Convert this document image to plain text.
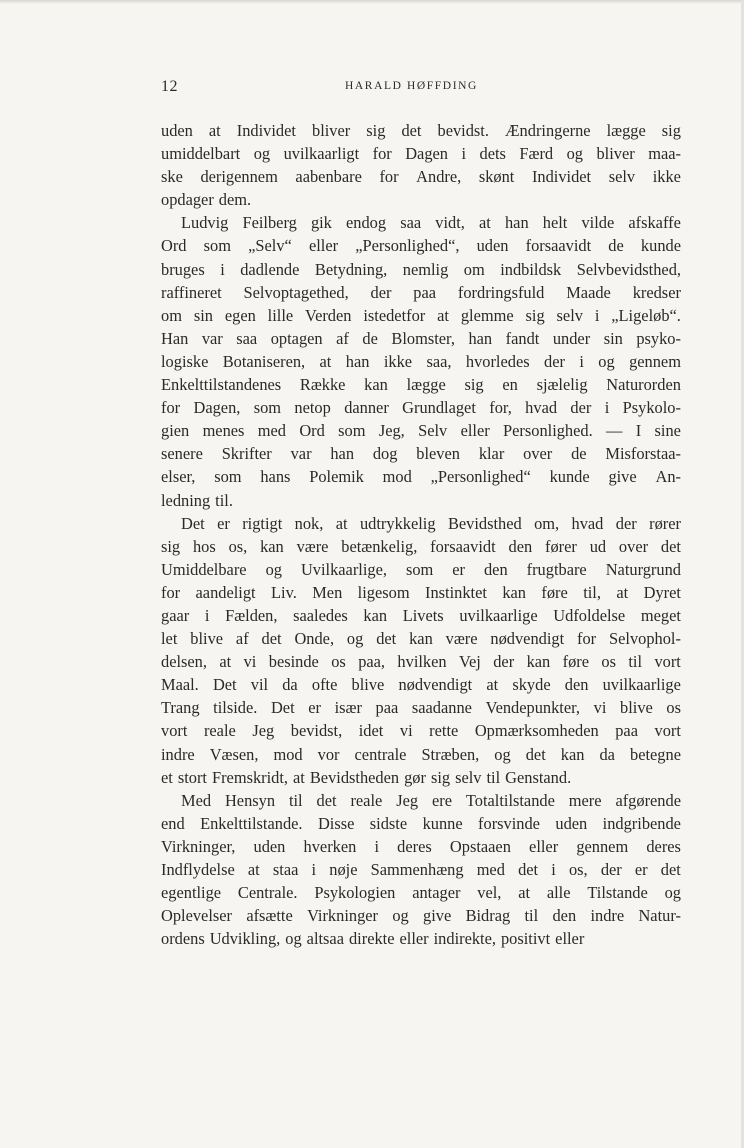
12	HARALD HØFFDING
uden at Individet bliver sig det bevidst. Ændringerne lægge sig
umiddelbart og uvilkaarligt for Dagen i dets Færd og bliver maa-
ske derigennem aabenbare for Andre, skønt Individet selv ikke
opdager dem.
Ludvig Feilberg gik endog saa vidt, at han helt vilde afskaffe
Ord som „Selv“ eller „Personlighed“, uden forsaavidt de kunde
bruges i dadlende Betydning, nemlig om indbildsk Selvbevidsthed,
raffineret Selvoptagethed, der paa fordringsfuld Maade kredser
om sin egen lille Verden istedetfor at glemme sig selv i „Ligeløb“.
Han var saa optagen af de Blomster, han fandt under sin psyko-
logiske Botaniseren, at han ikke saa, hvorledes der i og gennem
Enkelttilstandenes Række kan lægge sig en sjælelig Naturorden
for Dagen, som netop danner Grundlaget for, hvad der i Psykolo-
gien menes med Ord som Jeg, Selv eller Personlighed. — I sine
senere Skrifter var han dog bleven klar over de Misforstaa-
elser, som hans Polemik mod „Personlighed“ kunde give An-
ledning til.
Det er rigtigt nok, at udtrykkelig Bevidsthed om, hvad der rører
sig hos os, kan være betænkelig, forsaavidt den fører ud over det
Umiddelbare og Uvilkaarlige, som er den frugtbare Naturgrund
for aandeligt Liv. Men ligesom Instinktet kan føre til, at Dyret
gaar i Fælden, saaledes kan Livets uvilkaarlige Udfoldelse meget
let blive af det Onde, og det kan være nødvendigt for Selvophol-
delsen, at vi besinde os paa, hvilken Vej der kan føre os til vort
Maal. Det vil da ofte blive nødvendigt at skyde den uvilkaarlige
Trang tilside. Det er især paa saadanne Vendepunkter, vi blive os
vort reale Jeg bevidst, idet vi rette Opmærksomheden paa vort
indre Væsen, mod vor centrale Stræben, og det kan da betegne
et stort Fremskridt, at Bevidstheden gør sig selv til Genstand.
Med Hensyn til det reale Jeg ere Totaltilstande mere afgørende
end Enkelttilstande. Disse sidste kunne forsvinde uden indgribende
Virkninger, uden hverken i deres Opstaaen eller gennem deres
Indflydelse at staa i nøje Sammenhæng med det i os, der er det
egentlige Centrale. Psykologien antager vel, at alle Tilstande og
Oplevelser afsætte Virkninger og give Bidrag til den indre Natur-
ordens Udvikling, og altsaa direkte eller indirekte, positivt eller
